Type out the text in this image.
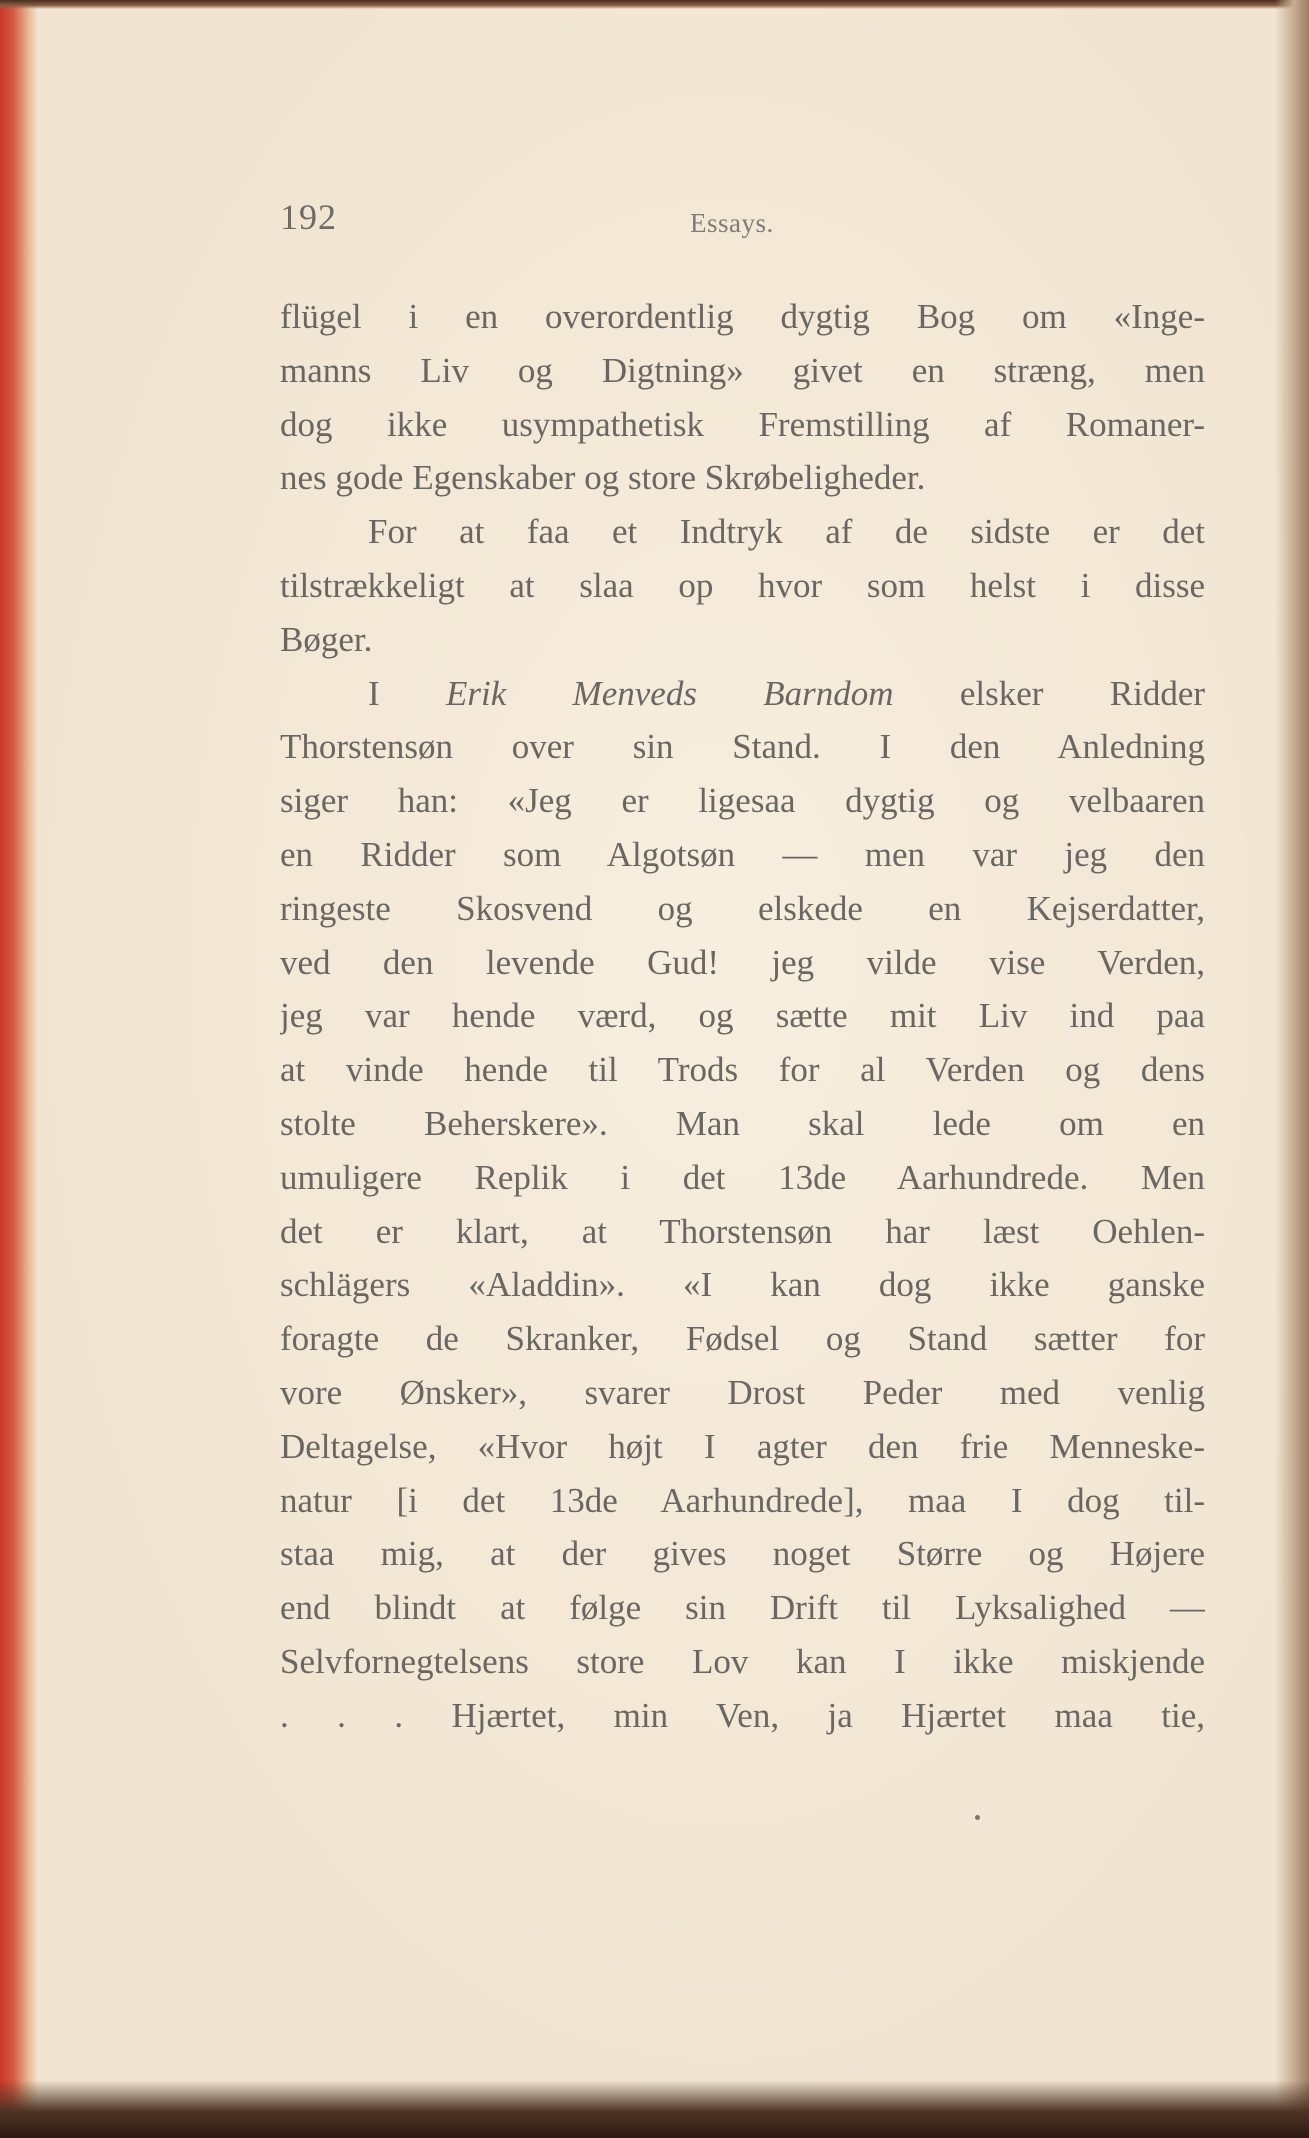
192	Essays.
flügel i en overordentlig dygtig Bog om «Inge-
manns Liv og Digtning» givet en stræng, men
dog ikke usympathetisk Fremstilling af Romaner-
nes gode Egenskaber og store Skrøbeligheder.
For at faa et Indtryk af de sidste er det
tilstrækkeligt at slaa op hvor som helst i disse
Bøger.
I Erik Menveds Barndom elsker Ridder
Thorstensøn over sin Stand. I den Anledning
siger han: «Jeg er ligesaa dygtig og velbaaren
en Ridder som Algotsøn — men var jeg den
ringeste Skosvend og elskede en Kejserdatter,
ved den levende Gud! jeg vilde vise Verden,
jeg var hende værd, og sætte mit Liv ind paa
at vinde hende til Trods for al Verden og dens
stolte Beherskere». Man skal lede om en
umuligere Replik i det 13de Aarhundrede. Men
det er klart, at Thorstensøn har læst Oehlen-
schlägers «Aladdin». «I kan dog ikke ganske
foragte de Skranker, Fødsel og Stand sætter for
vore Ønsker», svarer Drost Peder med venlig
Deltagelse, «Hvor højt I agter den frie Menneske-
natur [i det 13de Aarhundrede], maa I dog til-
staa mig, at der gives noget Større og Højere
end blindt at følge sin Drift til Lyksalighed —
Selvfornegtelsens store Lov kan I ikke miskjende
. . . Hjærtet, min Ven, ja Hjærtet maa tie,
